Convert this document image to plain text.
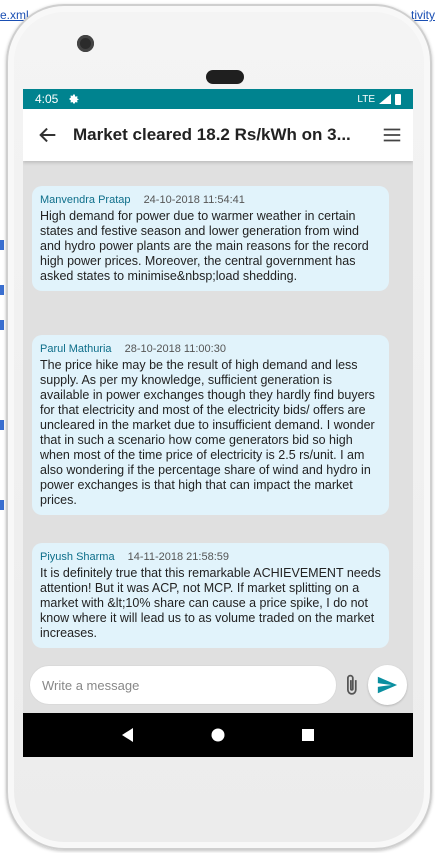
e.xml	tivity
4:05	LTE
Market cleared 18.2 Rs/kWh on 3...
Manvendra Pratap 24-10-2018 11:54:41
High demand for power due to warmer weather in certain states and festive season and lower generation from wind and hydro power plants are the main reasons for the record high power prices. Moreover, the central government has asked states to minimise&nbsp;load shedding.
Parul Mathuria 28-10-2018 11:00:30
The price hike may be the result of high demand and less supply. As per my knowledge, sufficient generation is available in power exchanges though they hardly find buyers for that electricity and most of the electricity bids/ offers are uncleared in the market due to insufficient demand. I wonder that in such a scenario how come generators bid so high when most of the time price of electricity is 2.5 rs/unit. I am also wondering if the percentage share of wind and hydro in power exchanges is that high that can impact the market prices.
Piyush Sharma 14-11-2018 21:58:59
It is definitely true that this remarkable ACHIEVEMENT needs attention! But it was ACP, not MCP. If market splitting on a market with &lt;10% share can cause a price spike, I do not know where it will lead us to as volume traded on the market increases.
Write a message
